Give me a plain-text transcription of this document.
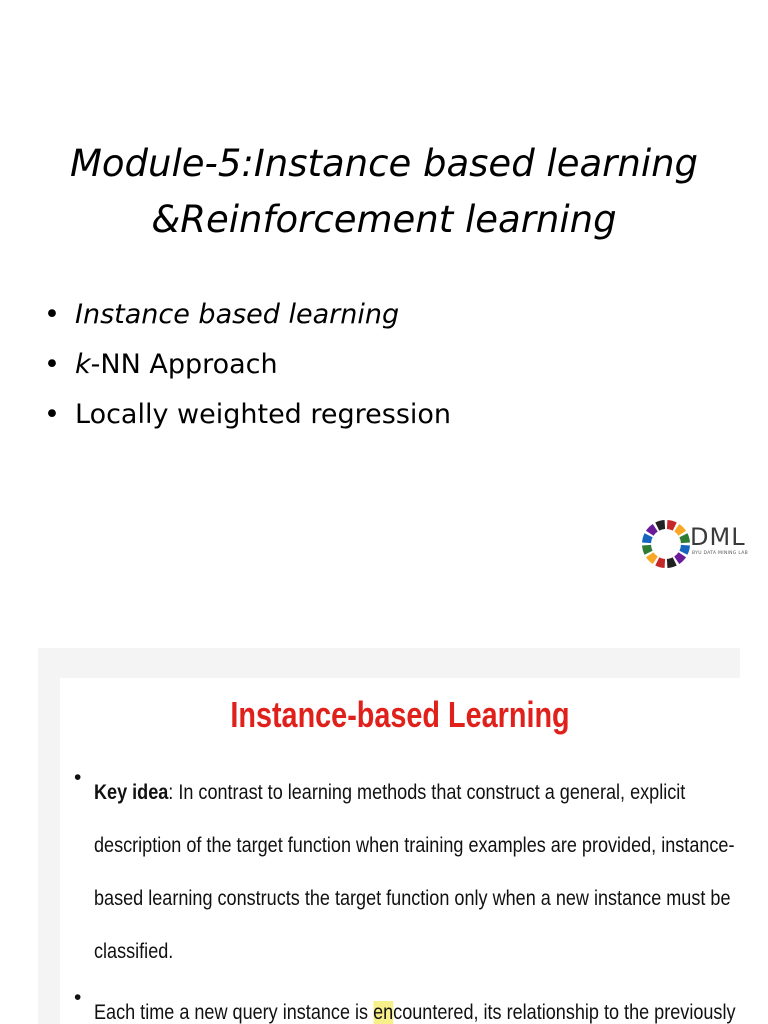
Module-5:Instance based learning
&Reinforcement learning
• Instance based learning
• k-NN Approach
• Locally weighted regression
DML
BYU DATA MINING LAB
Instance-based Learning
•
Key idea: In contrast to learning methods that construct a general, explicit
description of the target function when training examples are provided, instance-
based learning constructs the target function only when a new instance must be
classified.
•
Each time a new query instance is encountered, its relationship to the previously
